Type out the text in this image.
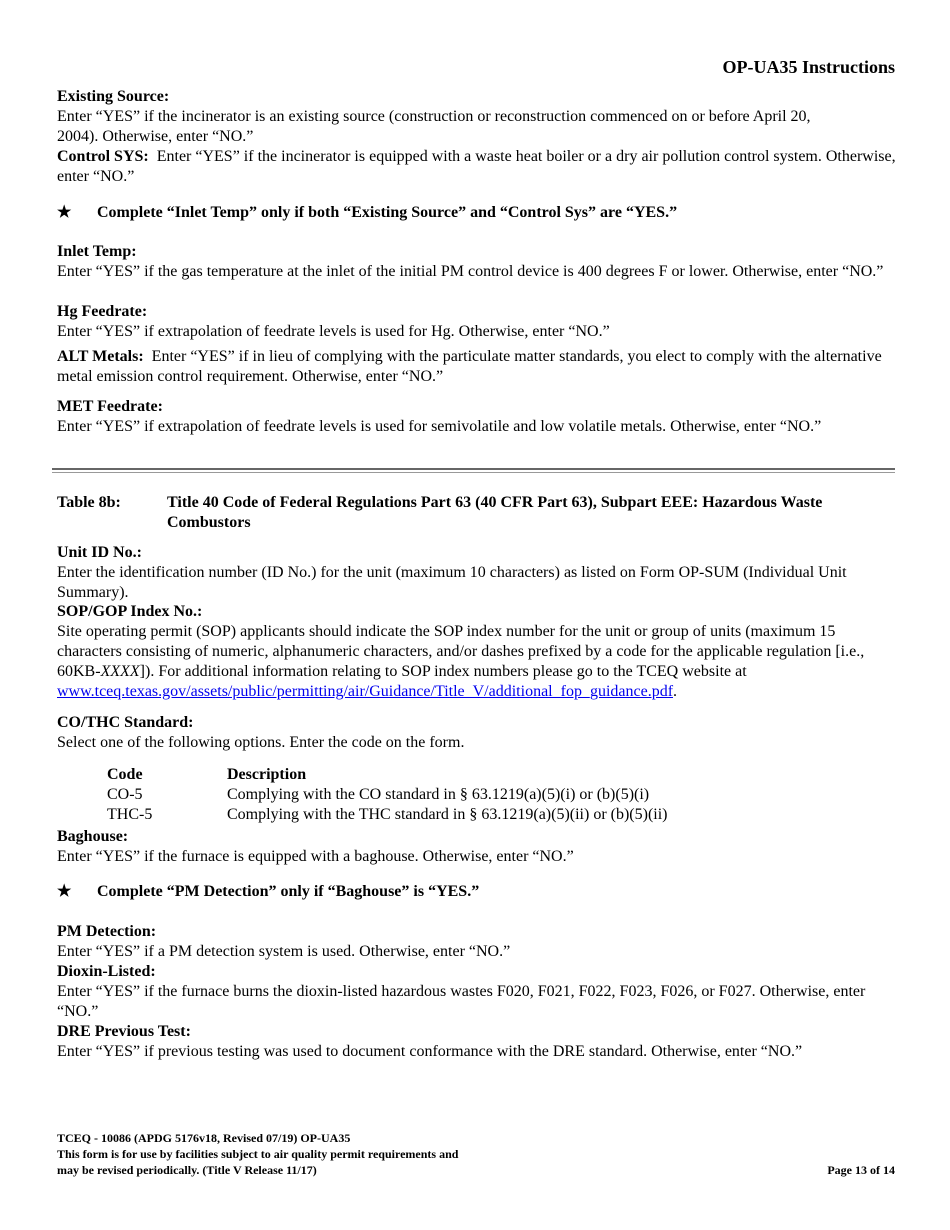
OP-UA35 Instructions
Existing Source:
Enter “YES” if the incinerator is an existing source (construction or reconstruction commenced on or before April 20, 2004). Otherwise, enter “NO.”
Control SYS: Enter “YES” if the incinerator is equipped with a waste heat boiler or a dry air pollution control system. Otherwise, enter “NO.”
★ Complete “Inlet Temp” only if both “Existing Source” and “Control Sys” are “YES.”
Inlet Temp:
Enter “YES” if the gas temperature at the inlet of the initial PM control device is 400 degrees F or lower. Otherwise, enter “NO.”
Hg Feedrate:
Enter “YES” if extrapolation of feedrate levels is used for Hg. Otherwise, enter “NO.”
ALT Metals: Enter “YES” if in lieu of complying with the particulate matter standards, you elect to comply with the alternative metal emission control requirement. Otherwise, enter “NO.”
MET Feedrate:
Enter “YES” if extrapolation of feedrate levels is used for semivolatile and low volatile metals. Otherwise, enter “NO.”
Table 8b:	Title 40 Code of Federal Regulations Part 63 (40 CFR Part 63), Subpart EEE: Hazardous Waste Combustors
Unit ID No.:
Enter the identification number (ID No.) for the unit (maximum 10 characters) as listed on Form OP-SUM (Individual Unit Summary).
SOP/GOP Index No.:
Site operating permit (SOP) applicants should indicate the SOP index number for the unit or group of units (maximum 15 characters consisting of numeric, alphanumeric characters, and/or dashes prefixed by a code for the applicable regulation [i.e., 60KB-XXXX]). For additional information relating to SOP index numbers please go to the TCEQ website at www.tceq.texas.gov/assets/public/permitting/air/Guidance/Title_V/additional_fop_guidance.pdf.
CO/THC Standard:
Select one of the following options. Enter the code on the form.
Code	Description
CO-5	Complying with the CO standard in § 63.1219(a)(5)(i) or (b)(5)(i)
THC-5	Complying with the THC standard in § 63.1219(a)(5)(ii) or (b)(5)(ii)
Baghouse:
Enter “YES” if the furnace is equipped with a baghouse. Otherwise, enter “NO.”
★ Complete “PM Detection” only if “Baghouse” is “YES.”
PM Detection:
Enter “YES” if a PM detection system is used. Otherwise, enter “NO.”
Dioxin-Listed:
Enter “YES” if the furnace burns the dioxin-listed hazardous wastes F020, F021, F022, F023, F026, or F027. Otherwise, enter “NO.”
DRE Previous Test:
Enter “YES” if previous testing was used to document conformance with the DRE standard. Otherwise, enter “NO.”
TCEQ - 10086 (APDG 5176v18, Revised 07/19) OP-UA35
This form is for use by facilities subject to air quality permit requirements and
may be revised periodically. (Title V Release 11/17)	Page 13 of 14
